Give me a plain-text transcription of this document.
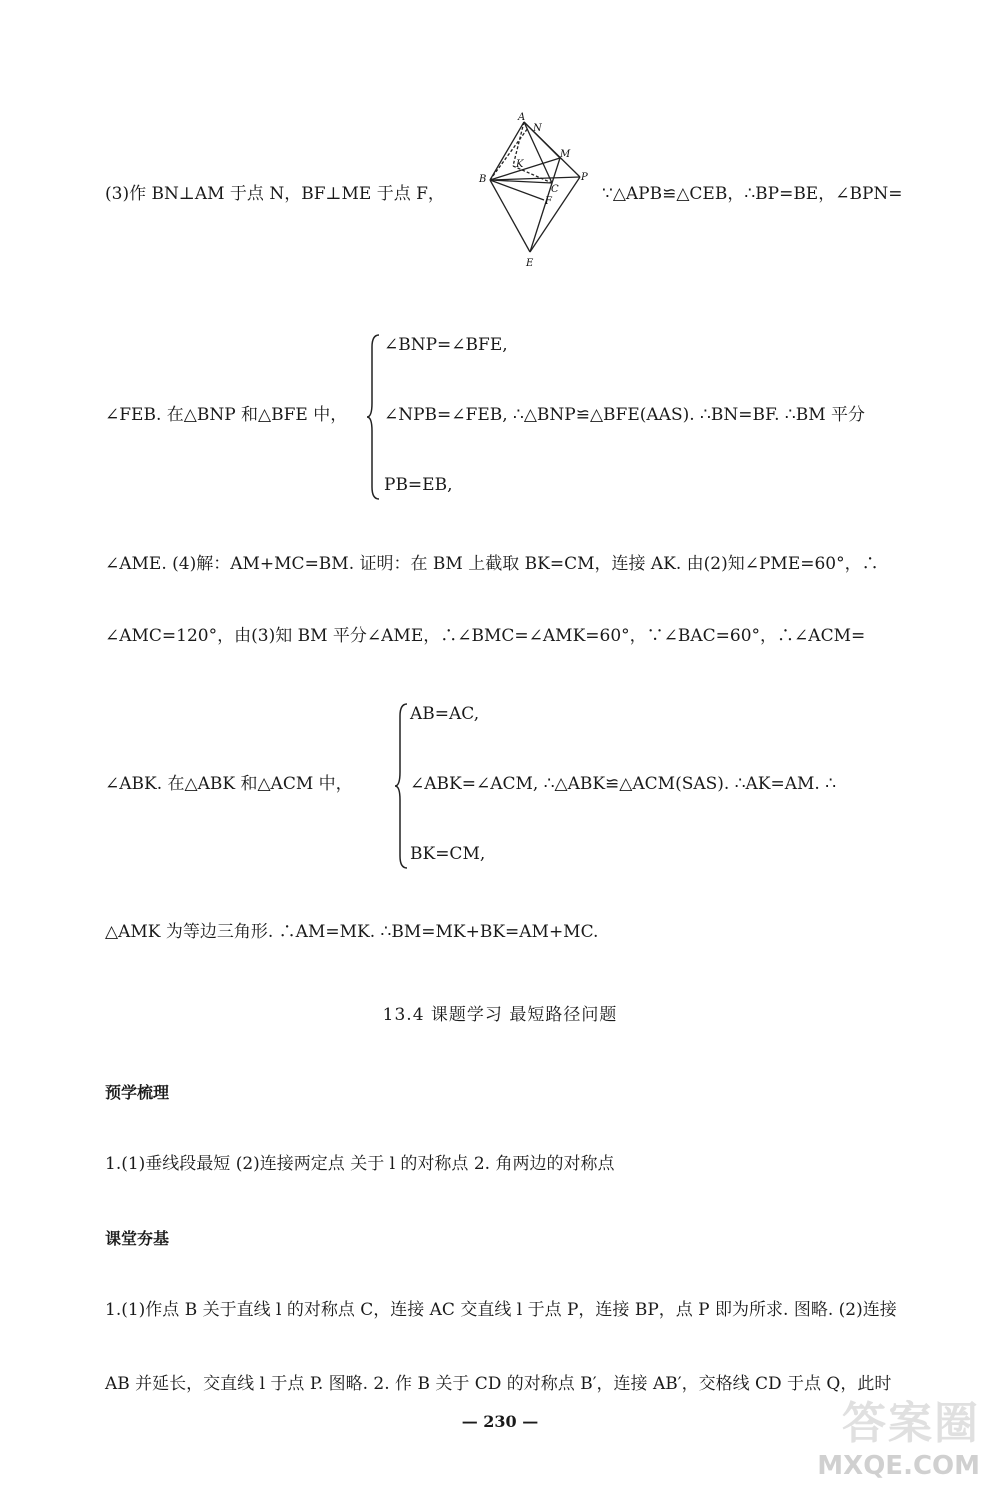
(3)作 BN⊥AM 于点 N，BF⊥ME 于点 F，
A
N
M
B	P
K
C
F
E
∵△APB≌△CEB，∴BP=BE，∠BPN=
∠FEB. 在△BNP 和△BFE 中，
∠BNP=∠BFE,
∠NPB=∠FEB, ∴△BNP≌△BFE(AAS). ∴BN=BF. ∴BM 平分
PB=EB,
∠AME. (4)解：AM+MC=BM. 证明：在 BM 上截取 BK=CM，连接 AK. 由(2)知∠PME=60°，∴
∠AMC=120°，由(3)知 BM 平分∠AME，∴∠BMC=∠AMK=60°，∵∠BAC=60°，∴∠ACM=
∠ABK. 在△ABK 和△ACM 中，
AB=AC,
∠ABK=∠ACM, ∴△ABK≌△ACM(SAS). ∴AK=AM. ∴
BK=CM,
△AMK 为等边三角形. ∴AM=MK. ∴BM=MK+BK=AM+MC.
13.4 课题学习 最短路径问题
预学梳理
1.(1)垂线段最短 (2)连接两定点 关于 l 的对称点 2. 角两边的对称点
课堂夯基
1.(1)作点 B 关于直线 l 的对称点 C，连接 AC 交直线 l 于点 P，连接 BP，点 P 即为所求. 图略. (2)连接
AB 并延长，交直线 l 于点 P. 图略. 2. 作 B 关于 CD 的对称点 B′，连接 AB′，交格线 CD 于点 Q，此时
— 230 —	答案圈
MXQE.COM
